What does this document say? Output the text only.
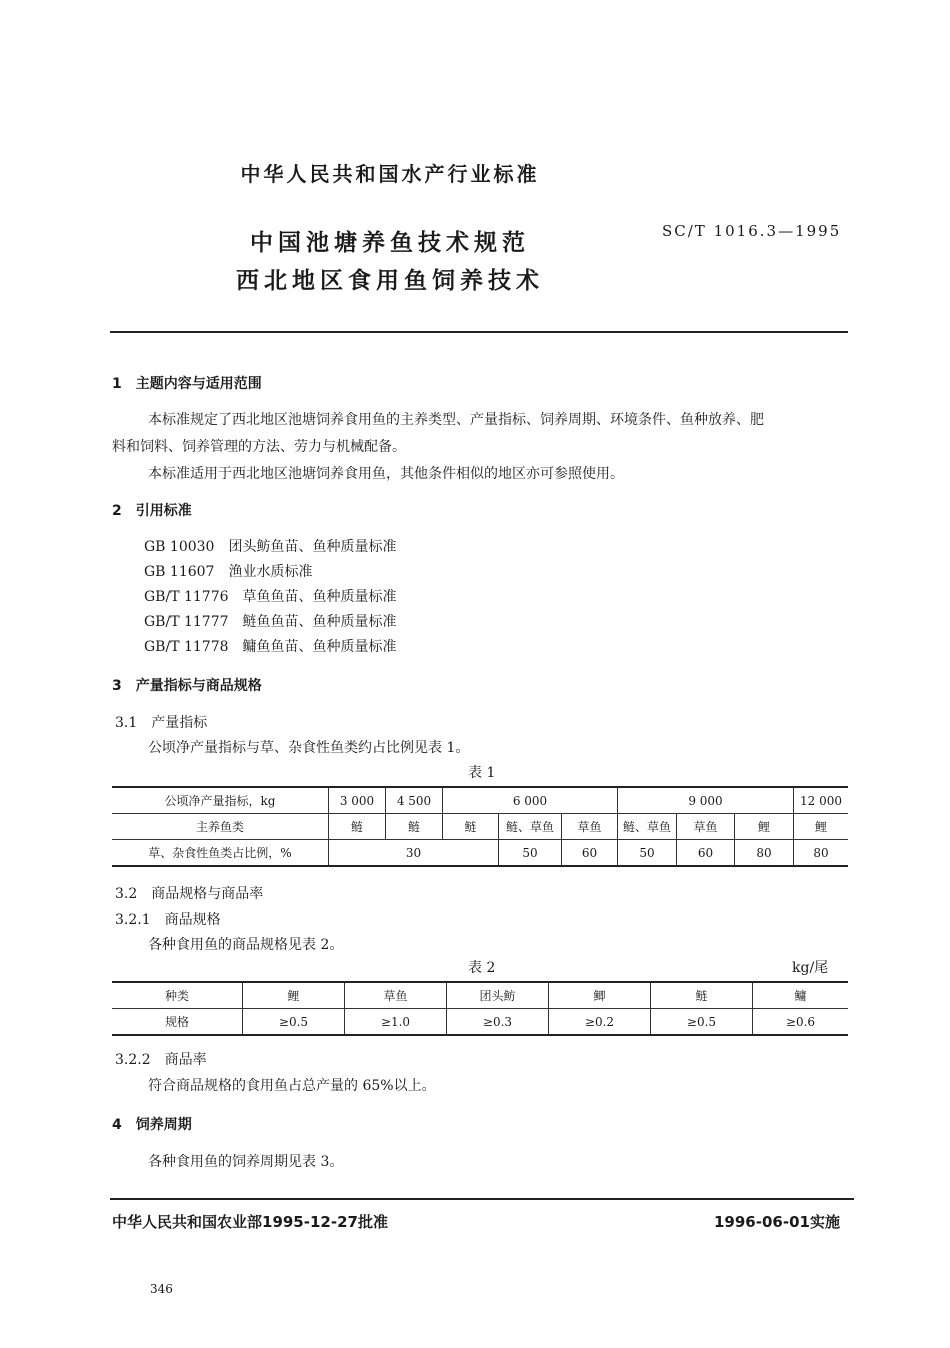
中华人民共和国水产行业标准
中国池塘养鱼技术规范
西北地区食用鱼饲养技术
SC/T 1016.3—1995
1　主题内容与适用范围
本标准规定了西北地区池塘饲养食用鱼的主养类型、产量指标、饲养周期、环境条件、鱼种放养、肥
料和饲料、饲养管理的方法、劳力与机械配备。
本标准适用于西北地区池塘饲养食用鱼，其他条件相似的地区亦可参照使用。
2　引用标准
GB 10030　团头鲂鱼苗、鱼种质量标准
GB 11607　渔业水质标准
GB/T 11776　草鱼鱼苗、鱼种质量标准
GB/T 11777　鲢鱼鱼苗、鱼种质量标准
GB/T 11778　鳙鱼鱼苗、鱼种质量标准
3　产量指标与商品规格
3.1　产量指标
公顷净产量指标与草、杂食性鱼类约占比例见表 1。
表 1
公顷净产量指标，kg	3 000	4 500	6 000			9 000			12 000
主养鱼类	鲢	鲢	鲢	鲢、草鱼	草鱼	鲢、草鱼	草鱼	鲤	鲤
草、杂食性鱼类占比例，%	30			50	60	50	60	80	80
3.2　商品规格与商品率
3.2.1　商品规格
各种食用鱼的商品规格见表 2。
表 2	kg/尾
种类	鲤	草鱼	团头鲂	鲫	鲢	鳙
规格	≥0.5	≥1.0	≥0.3	≥0.2	≥0.5	≥0.6
3.2.2　商品率
符合商品规格的食用鱼占总产量的 65%以上。
4　饲养周期
各种食用鱼的饲养周期见表 3。
中华人民共和国农业部1995-12-27批准	1996-06-01实施
346
